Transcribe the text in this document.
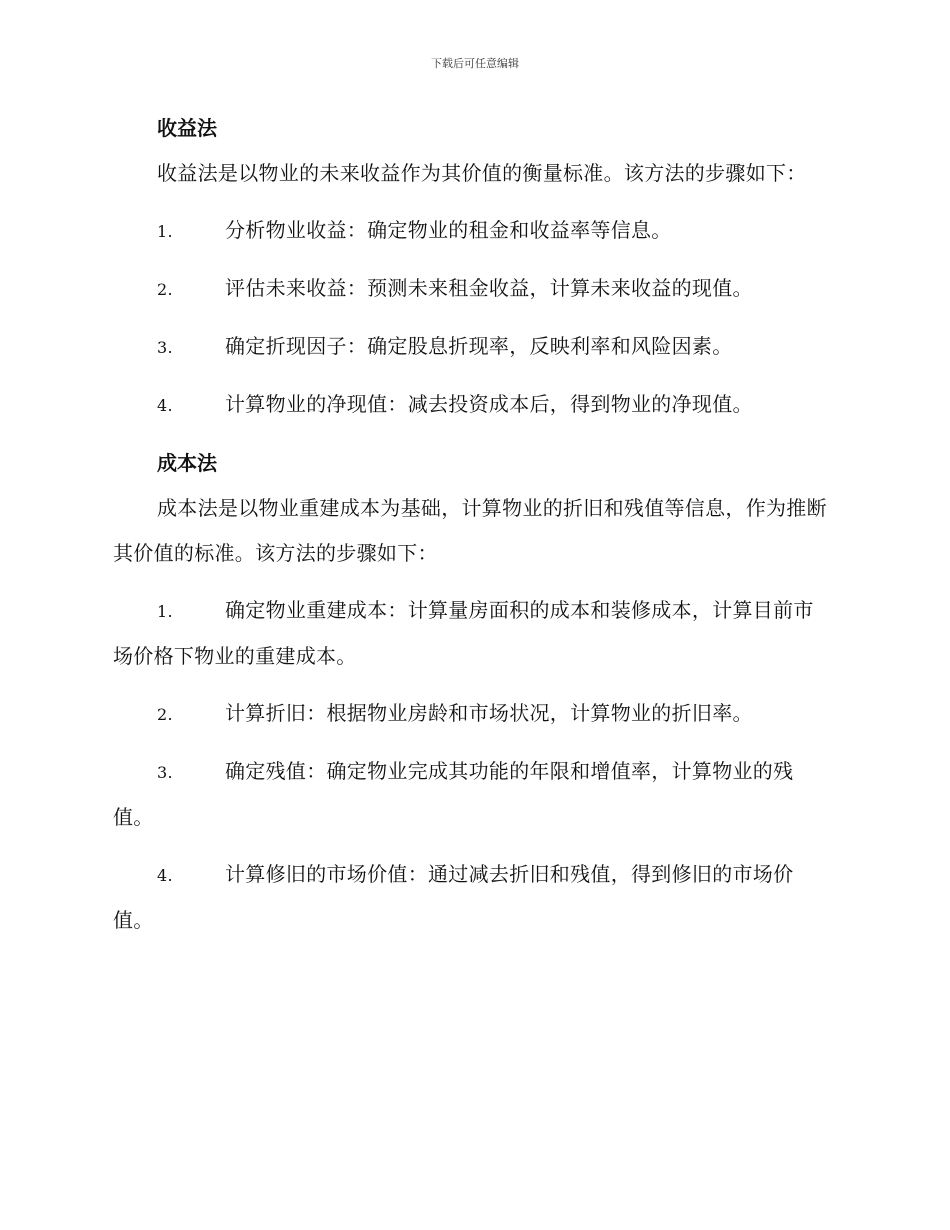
下载后可任意编辑
收益法

收益法是以物业的未来收益作为其价值的衡量标准。该方法的步骤如下：

1.	分析物业收益：确定物业的租金和收益率等信息。
2.	评估未来收益：预测未来租金收益，计算未来收益的现值。
3.	确定折现因子：确定股息折现率，反映利率和风险因素。
4.	计算物业的净现值：减去投资成本后，得到物业的净现值。
成本法

成本法是以物业重建成本为基础，计算物业的折旧和残值等信息，作为推断其价值的标准。该方法的步骤如下：

1.	确定物业重建成本：计算量房面积的成本和装修成本，计算目前市场价格下物业的重建成本。
2.	计算折旧：根据物业房龄和市场状况，计算物业的折旧率。
3.	确定残值：确定物业完成其功能的年限和增值率，计算物业的残值。
4.	计算修旧的市场价值：通过减去折旧和残值，得到修旧的市场价值。
